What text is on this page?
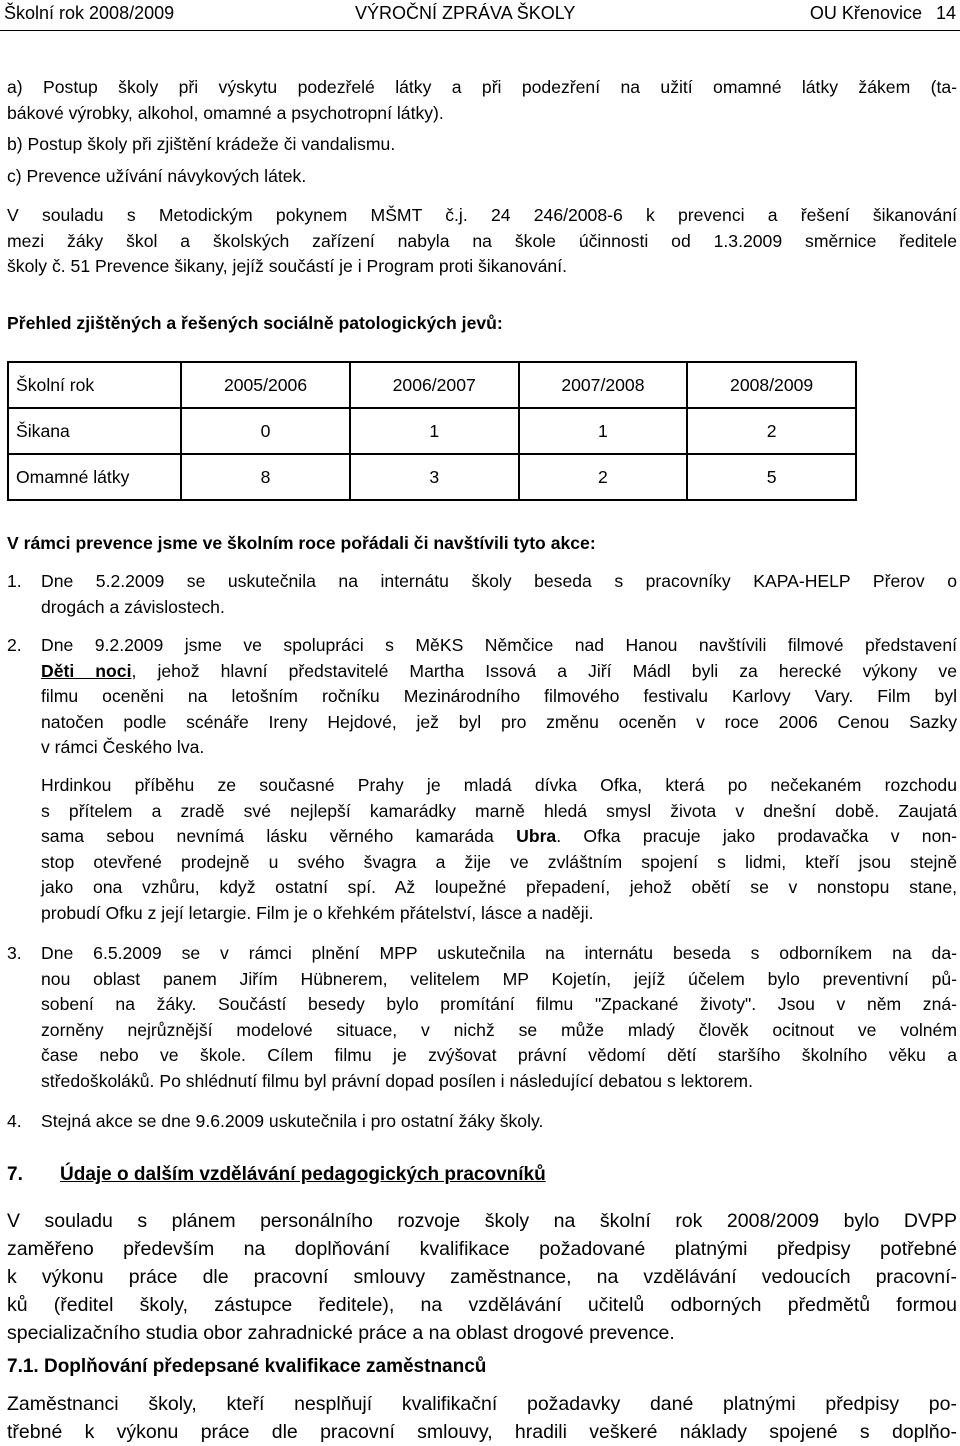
Školní rok 2008/2009	VÝROČNÍ ZPRÁVA ŠKOLY	OU Křenovice 14
a) Postup školy při výskytu podezřelé látky a při podezření na užití omamné látky žákem (ta-
bákové výrobky, alkohol, omamné a psychotropní látky).
b) Postup školy při zjištění krádeže či vandalismu.
c) Prevence užívání návykových látek.
V souladu s Metodickým pokynem MŠMT č.j. 24 246/2008-6 k prevenci a řešení šikanování
mezi žáky škol a školských zařízení nabyla na škole účinnosti od 1.3.2009 směrnice ředitele
školy č. 51 Prevence šikany, jejíž součástí je i Program proti šikanování.
Přehled zjištěných a řešených sociálně patologických jevů:
Školní rok	2005/2006	2006/2007	2007/2008	2008/2009
Šikana	0	1	1	2
Omamné látky	8	3	2	5
V rámci prevence jsme ve školním roce pořádali či navštívili tyto akce:
1. Dne 5.2.2009 se uskutečnila na internátu školy beseda s pracovníky KAPA-HELP Přerov o
drogách a závislostech.
2. Dne 9.2.2009 jsme ve spolupráci s MěKS Němčice nad Hanou navštívili filmové představení
Děti noci, jehož hlavní představitelé Martha Issová a Jiří Mádl byli za herecké výkony ve
filmu oceněni na letošním ročníku Mezinárodního filmového festivalu Karlovy Vary. Film byl
natočen podle scénáře Ireny Hejdové, jež byl pro změnu oceněn v roce 2006 Cenou Sazky
v rámci Českého lva.
Hrdinkou příběhu ze současné Prahy je mladá dívka Ofka, která po nečekaném rozchodu
s přítelem a zradě své nejlepší kamarádky marně hledá smysl života v dnešní době. Zaujatá
sama sebou nevnímá lásku věrného kamaráda Ubra. Ofka pracuje jako prodavačka v non-
stop otevřené prodejně u svého švagra a žije ve zvláštním spojení s lidmi, kteří jsou stejně
jako ona vzhůru, když ostatní spí. Až loupežné přepadení, jehož obětí se v nonstopu stane,
probudí Ofku z její letargie. Film je o křehkém přátelství, lásce a naději.
3. Dne 6.5.2009 se v rámci plnění MPP uskutečnila na internátu beseda s odborníkem na da-
nou oblast panem Jiřím Hübnerem, velitelem MP Kojetín, jejíž účelem bylo preventivní pů-
sobení na žáky. Součástí besedy bylo promítání filmu "Zpackané životy". Jsou v něm zná-
zorněny nejrůznější modelové situace, v nichž se může mladý člověk ocitnout ve volném
čase nebo ve škole. Cílem filmu je zvýšovat právní vědomí dětí staršího školního věku a
středoškoláků. Po shlédnutí filmu byl právní dopad posílen i následující debatou s lektorem.
4. Stejná akce se dne 9.6.2009 uskutečnila i pro ostatní žáky školy.
7. Údaje o dalším vzdělávání pedagogických pracovníků
V souladu s plánem personálního rozvoje školy na školní rok 2008/2009 bylo DVPP
zaměřeno především na doplňování kvalifikace požadované platnými předpisy potřebné
k výkonu práce dle pracovní smlouvy zaměstnance, na vzdělávání vedoucích pracovní-
ků (ředitel školy, zástupce ředitele), na vzdělávání učitelů odborných předmětů formou
specializačního studia obor zahradnické práce a na oblast drogové prevence.
7.1. Doplňování předepsané kvalifikace zaměstnanců
Zaměstnanci školy, kteří nesplňují kvalifikační požadavky dané platnými předpisy po-
třebné k výkonu práce dle pracovní smlouvy, hradili veškeré náklady spojené s doplňo-
